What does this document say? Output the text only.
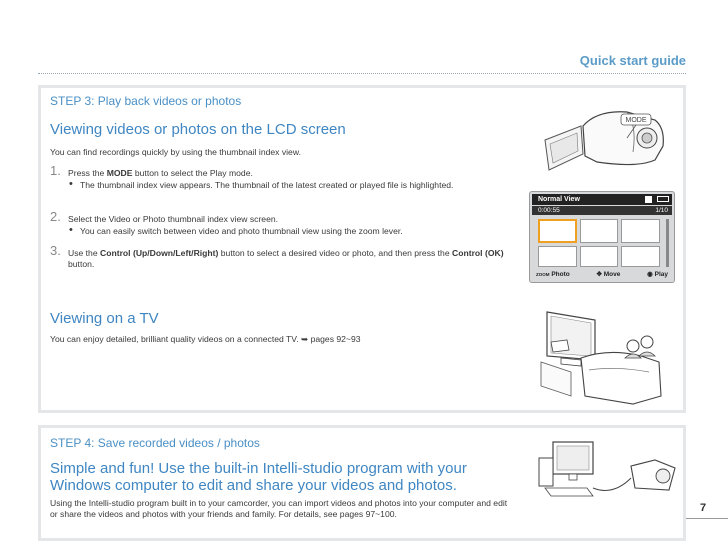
Quick start guide
STEP 3: Play back videos or photos
Viewing videos or photos on the LCD screen
You can find recordings quickly by using the thumbnail index view.
1. Press the MODE button to select the Play mode.
• The thumbnail index view appears. The thumbnail of the latest created or played file is highlighted.
2. Select the Video or Photo thumbnail index view screen.
• You can easily switch between video and photo thumbnail view using the zoom lever.
3. Use the Control (Up/Down/Left/Right) button to select a desired video or photo, and then press the Control (OK) button.
MODE
Normal View
0:00:55	1/10
ZOOM Photo	✥ Move	◉ Play
Viewing on a TV
You can enjoy detailed, brilliant quality videos on a connected TV. ➥ pages 92~93
STEP 4: Save recorded videos / photos
Simple and fun! Use the built-in Intelli-studio program with your
Windows computer to edit and share your videos and photos.
Using the Intelli-studio program built in to your camcorder, you can import videos and photos into your computer and edit or share the videos and photos with your friends and family. For details, see pages 97~100.	7
